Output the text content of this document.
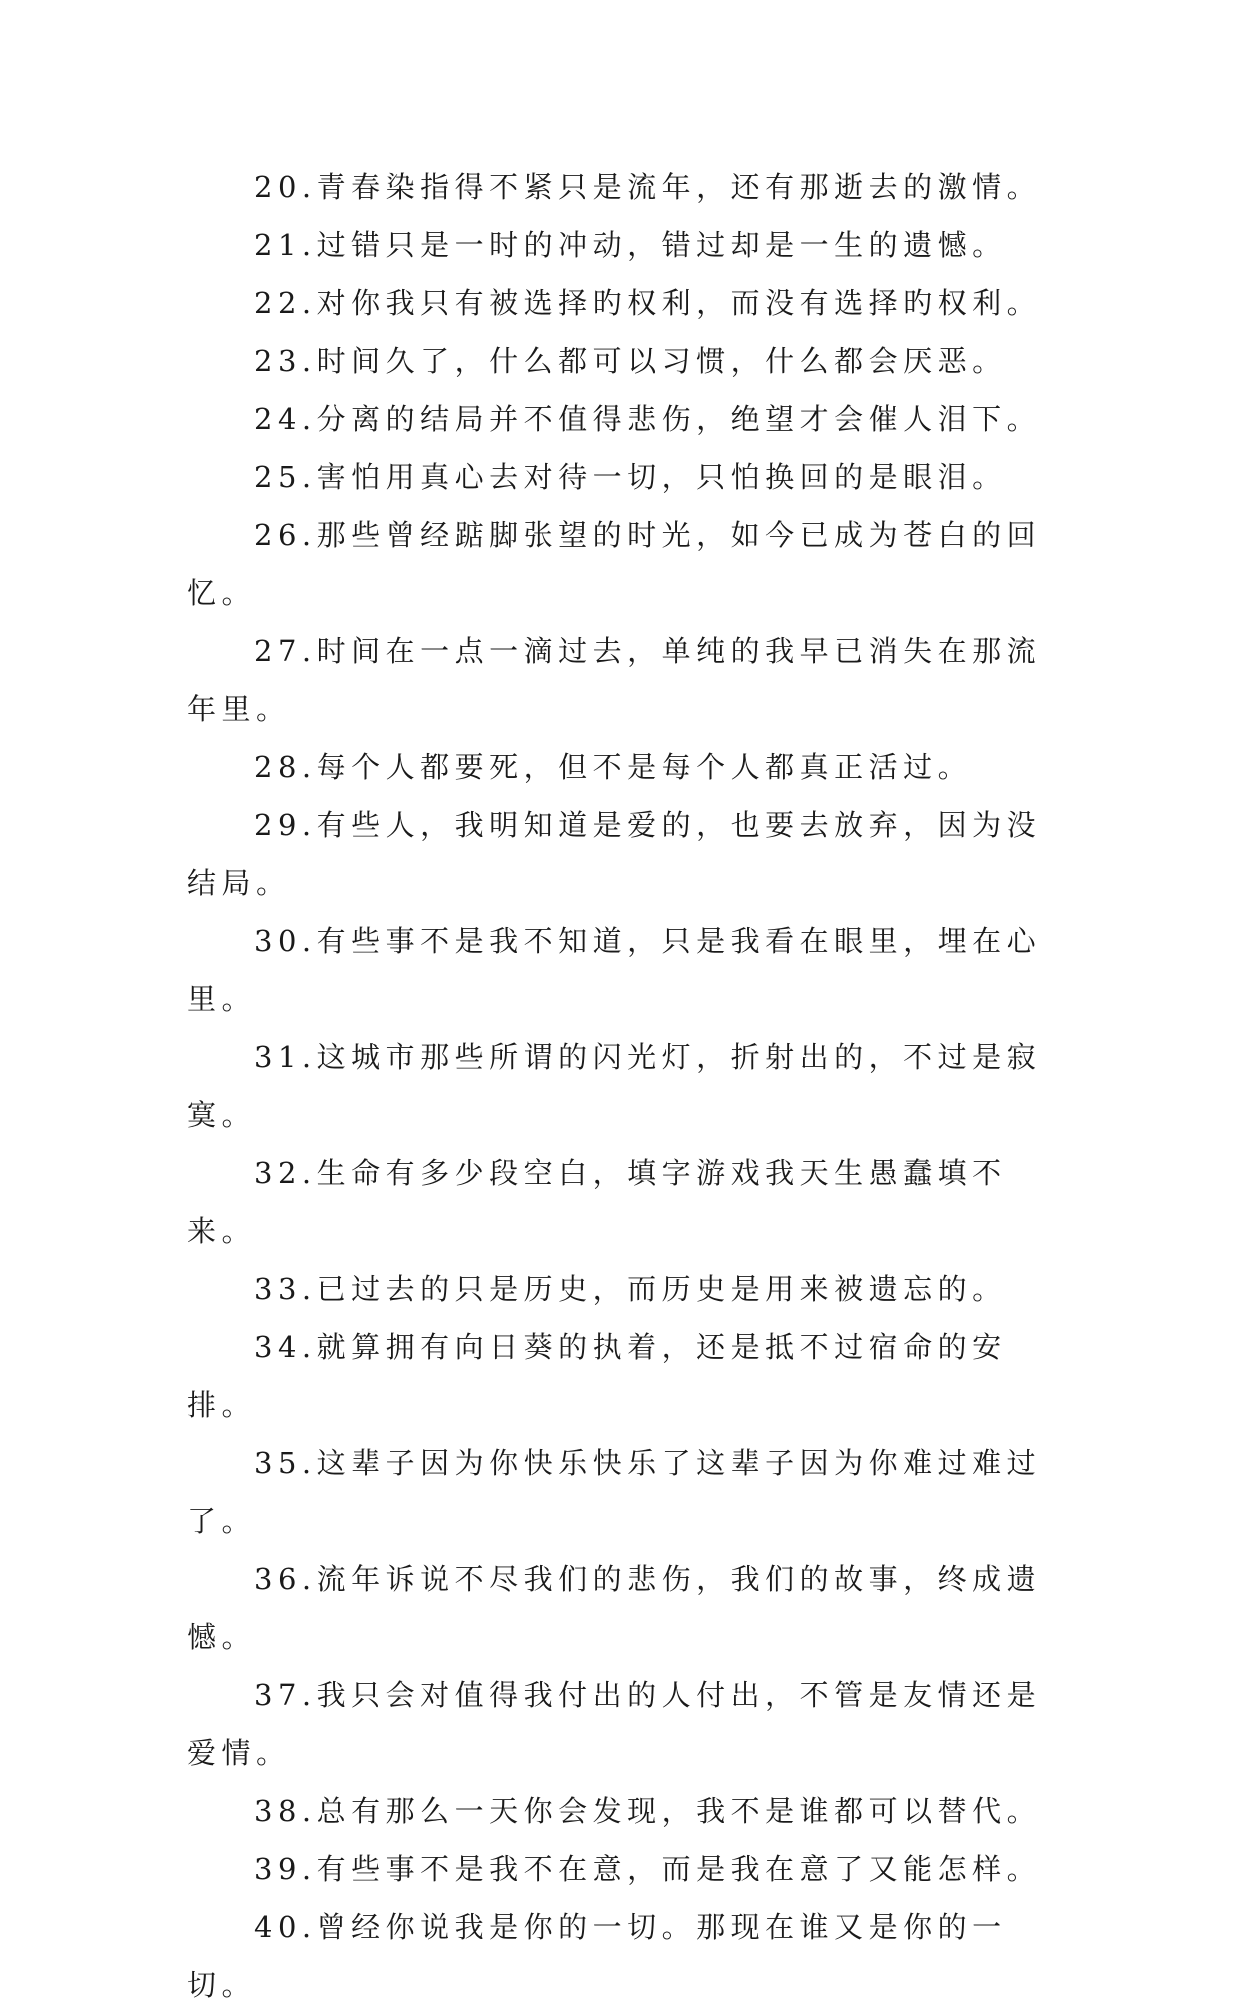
20.青春染指得不紧只是流年，还有那逝去的激情。

21.过错只是一时的冲动，错过却是一生的遗憾。

22.对你我只有被选择旳权利，而没有选择旳权利。

23.时间久了，什么都可以习惯，什么都会厌恶。

24.分离的结局并不值得悲伤，绝望才会催人泪下。

25.害怕用真心去对待一切，只怕换回的是眼泪。

26.那些曾经踮脚张望的时光，如今已成为苍白的回忆。

27.时间在一点一滴过去，单纯的我早已消失在那流年里。

28.每个人都要死，但不是每个人都真正活过。

29.有些人，我明知道是爱的，也要去放弃，因为没结局。

30.有些事不是我不知道，只是我看在眼里，埋在心里。

31.这城市那些所谓的闪光灯，折射出的，不过是寂寞。

32.生命有多少段空白，填字游戏我天生愚蠢填不来。

33.已过去的只是历史，而历史是用来被遗忘的。

34.就算拥有向日葵的执着，还是抵不过宿命的安排。

35.这辈子因为你快乐快乐了这辈子因为你难过难过了。

36.流年诉说不尽我们的悲伤，我们的故事，终成遗憾。

37.我只会对值得我付出的人付出，不管是友情还是爱情。

38.总有那么一天你会发现，我不是谁都可以替代。

39.有些事不是我不在意，而是我在意了又能怎样。

40.曾经你说我是你的一切。那现在谁又是你的一切。
